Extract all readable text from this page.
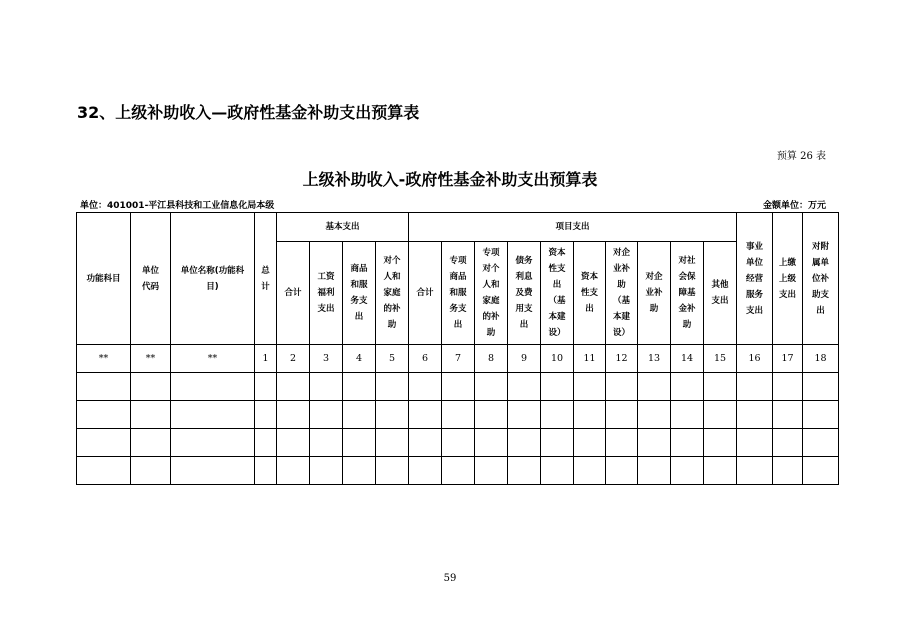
32、上级补助收入—政府性基金补助支出预算表
预算 26 表
上级补助收入-政府性基金补助支出预算表
单位：401001-平江县科技和工业信息化局本级	金额单位：万元
功能科目	单位代码	单位名称(功能科目)	总计	基本支出				项目支出										事业单位经营服务支出	上缴上级支出	对附属单位补助支出
				合计	工资福利支出	商品和服务支出	对个人和家庭的补助	合计	专项商品和服务支出	专项对个人和家庭的补助	债务利息及费用支出	资本性支出（基本建设）	资本性支出	对企业补助（基本建设）	对企业补助	对社会保障基金补助	其他支出			
**	**	**	1	2	3	4	5	6	7	8	9	10	11	12	13	14	15	16	17	18

59
